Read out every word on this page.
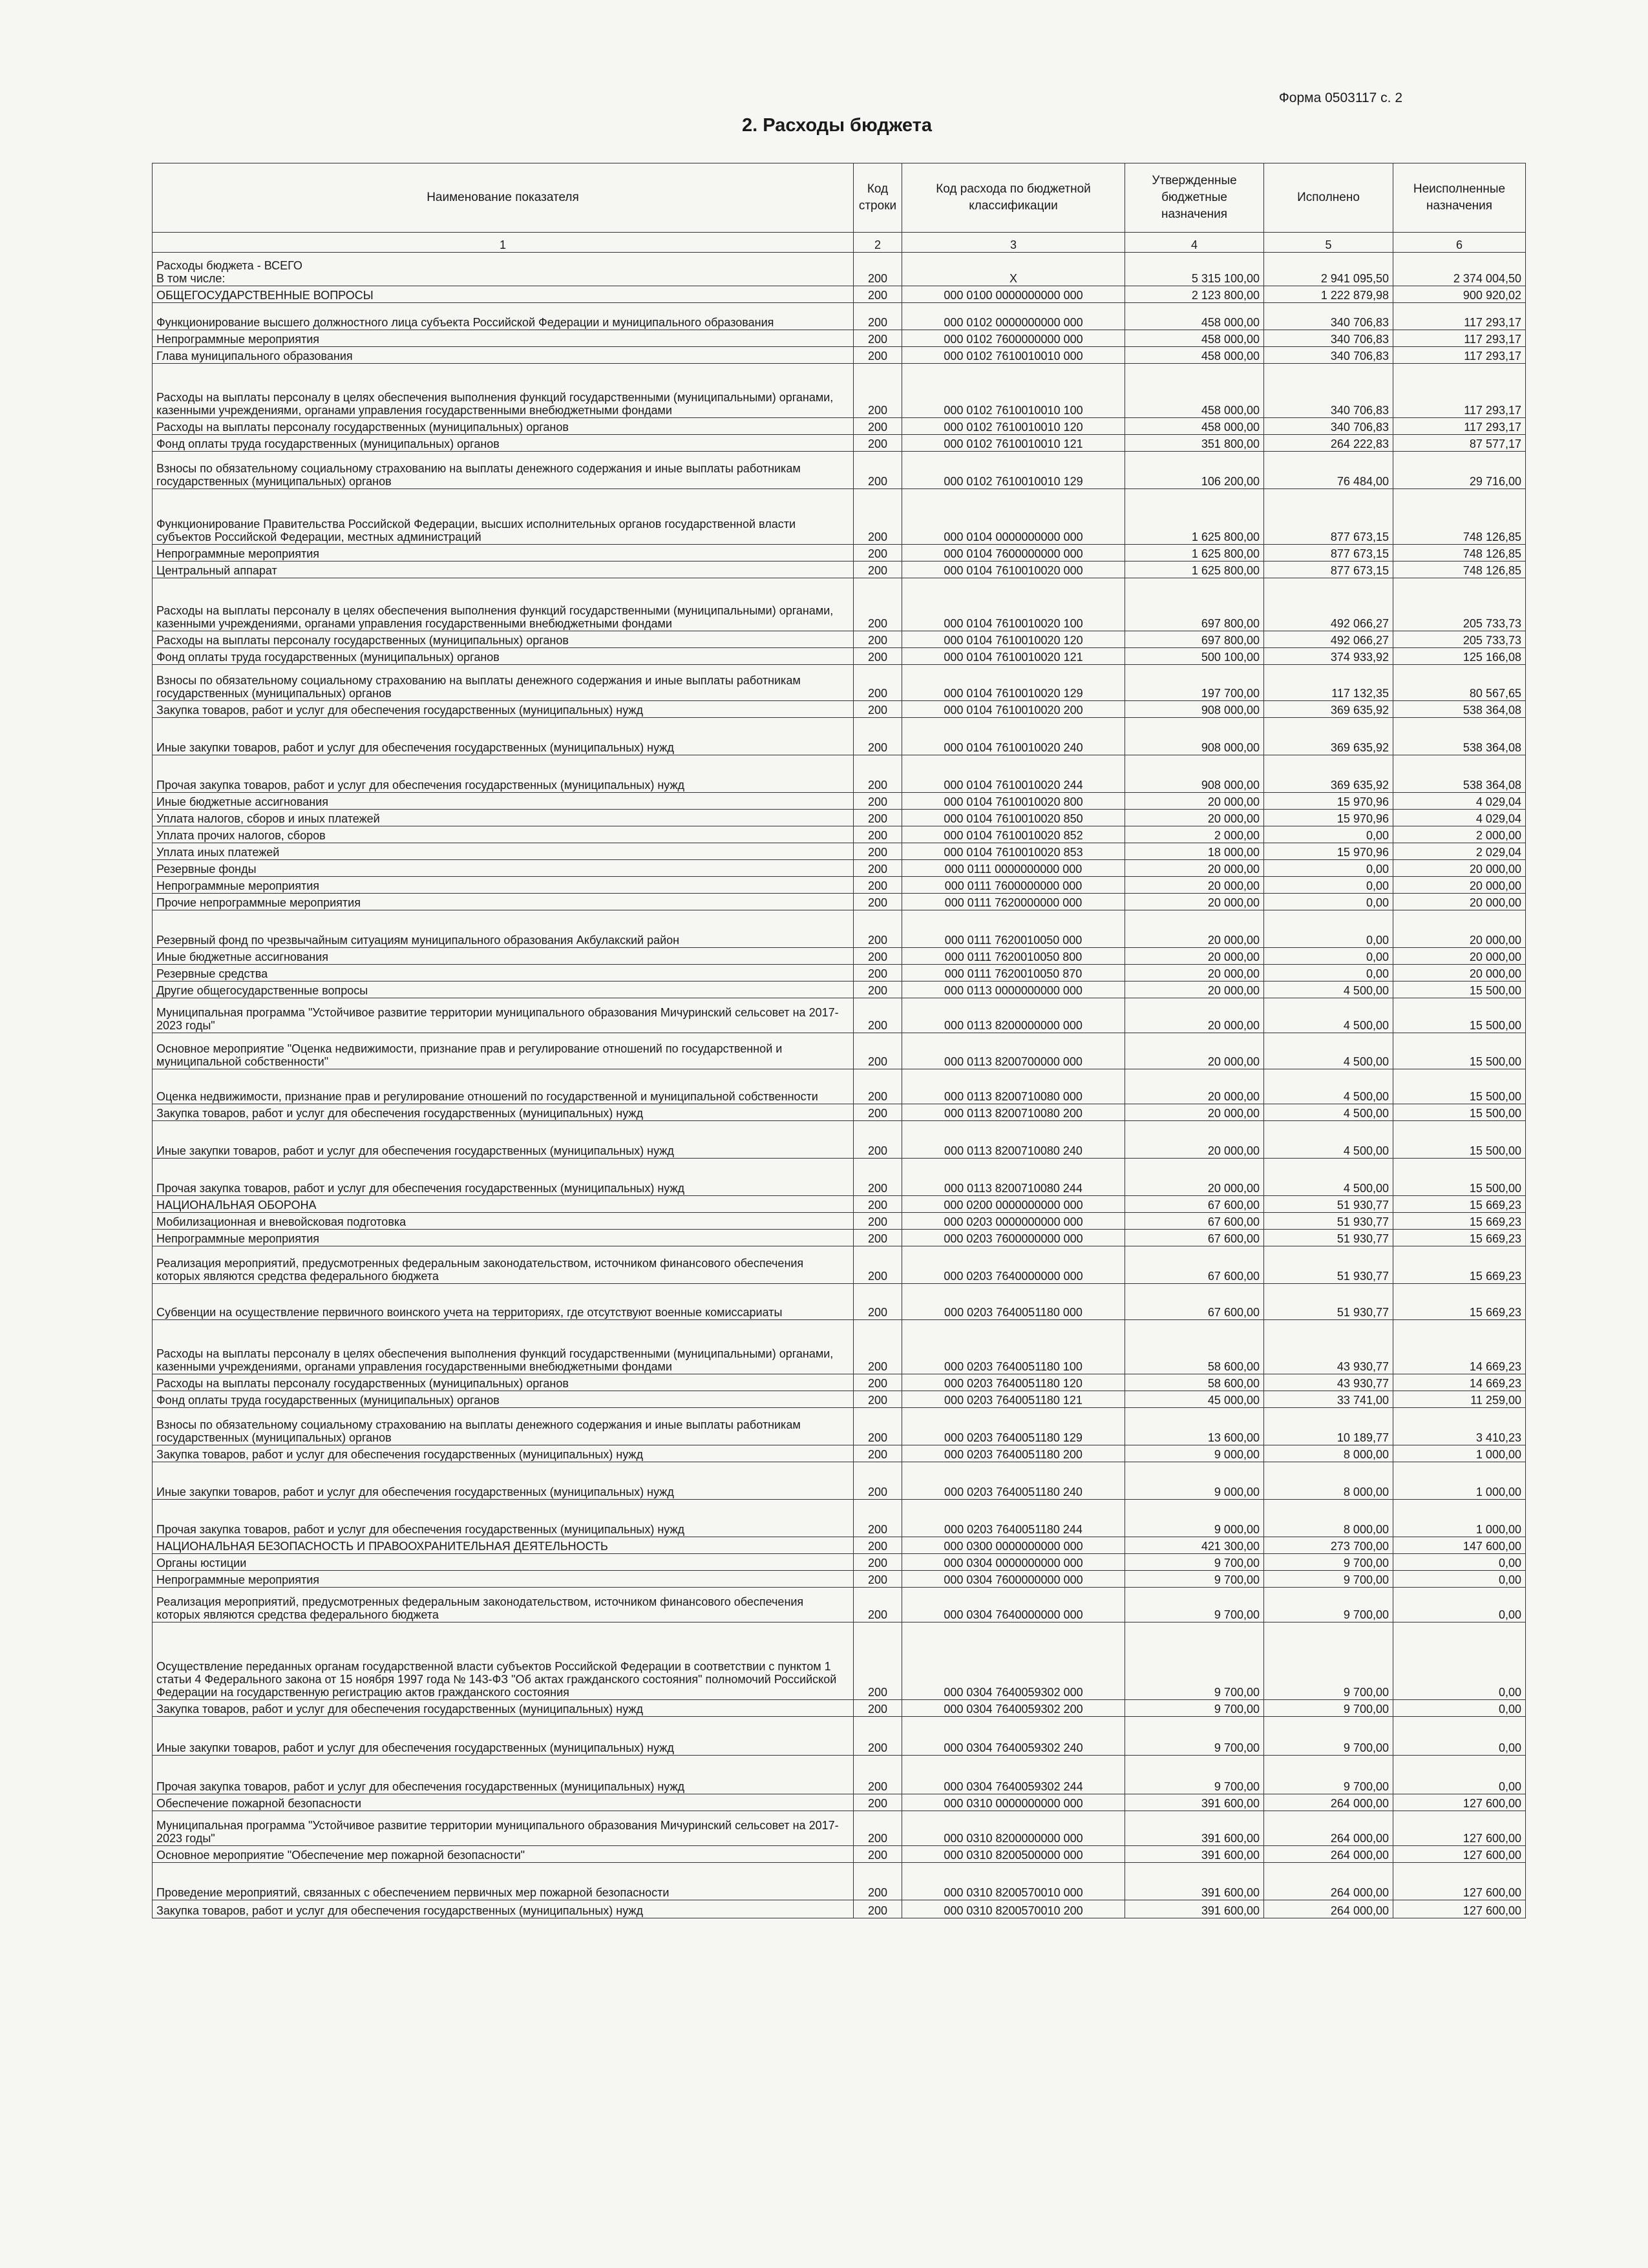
Форма 0503117 с. 2
2. Расходы бюджета
Наименование показателя	Код строки	Код расхода по бюджетной классификации	Утвержденные бюджетные назначения	Исполнено	Неисполненные назначения
1	2	3	4	5	6
Расходы бюджета - ВСЕГО
В том числе:	200	X	5 315 100,00	2 941 095,50	2 374 004,50
ОБЩЕГОСУДАРСТВЕННЫЕ ВОПРОСЫ	200	000 0100 0000000000 000	2 123 800,00	1 222 879,98	900 920,02
Функционирование высшего должностного лица субъекта Российской Федерации и муниципального образования	200	000 0102 0000000000 000	458 000,00	340 706,83	117 293,17
Непрограммные мероприятия	200	000 0102 7600000000 000	458 000,00	340 706,83	117 293,17
Глава муниципального образования	200	000 0102 7610010010 000	458 000,00	340 706,83	117 293,17
Расходы на выплаты персоналу в целях обеспечения выполнения функций государственными (муниципальными) органами, казенными учреждениями, органами управления государственными внебюджетными фондами	200	000 0102 7610010010 100	458 000,00	340 706,83	117 293,17
Расходы на выплаты персоналу государственных (муниципальных) органов	200	000 0102 7610010010 120	458 000,00	340 706,83	117 293,17
Фонд оплаты труда государственных (муниципальных) органов	200	000 0102 7610010010 121	351 800,00	264 222,83	87 577,17
Взносы по обязательному социальному страхованию на выплаты денежного содержания и иные выплаты работникам государственных (муниципальных) органов	200	000 0102 7610010010 129	106 200,00	76 484,00	29 716,00
Функционирование Правительства Российской Федерации, высших исполнительных органов государственной власти субъектов Российской Федерации, местных администраций	200	000 0104 0000000000 000	1 625 800,00	877 673,15	748 126,85
Непрограммные мероприятия	200	000 0104 7600000000 000	1 625 800,00	877 673,15	748 126,85
Центральный аппарат	200	000 0104 7610010020 000	1 625 800,00	877 673,15	748 126,85
Расходы на выплаты персоналу в целях обеспечения выполнения функций государственными (муниципальными) органами, казенными учреждениями, органами управления государственными внебюджетными фондами	200	000 0104 7610010020 100	697 800,00	492 066,27	205 733,73
Расходы на выплаты персоналу государственных (муниципальных) органов	200	000 0104 7610010020 120	697 800,00	492 066,27	205 733,73
Фонд оплаты труда государственных (муниципальных) органов	200	000 0104 7610010020 121	500 100,00	374 933,92	125 166,08
Взносы по обязательному социальному страхованию на выплаты денежного содержания и иные выплаты работникам государственных (муниципальных) органов	200	000 0104 7610010020 129	197 700,00	117 132,35	80 567,65
Закупка товаров, работ и услуг для обеспечения государственных (муниципальных) нужд	200	000 0104 7610010020 200	908 000,00	369 635,92	538 364,08
Иные закупки товаров, работ и услуг для обеспечения государственных (муниципальных) нужд	200	000 0104 7610010020 240	908 000,00	369 635,92	538 364,08
Прочая закупка товаров, работ и услуг для обеспечения государственных (муниципальных) нужд	200	000 0104 7610010020 244	908 000,00	369 635,92	538 364,08
Иные бюджетные ассигнования	200	000 0104 7610010020 800	20 000,00	15 970,96	4 029,04
Уплата налогов, сборов и иных платежей	200	000 0104 7610010020 850	20 000,00	15 970,96	4 029,04
Уплата прочих налогов, сборов	200	000 0104 7610010020 852	2 000,00	0,00	2 000,00
Уплата иных платежей	200	000 0104 7610010020 853	18 000,00	15 970,96	2 029,04
Резервные фонды	200	000 0111 0000000000 000	20 000,00	0,00	20 000,00
Непрограммные мероприятия	200	000 0111 7600000000 000	20 000,00	0,00	20 000,00
Прочие непрограммные мероприятия	200	000 0111 7620000000 000	20 000,00	0,00	20 000,00
Резервный фонд по чрезвычайным ситуациям муниципального образования Акбулакский район	200	000 0111 7620010050 000	20 000,00	0,00	20 000,00
Иные бюджетные ассигнования	200	000 0111 7620010050 800	20 000,00	0,00	20 000,00
Резервные средства	200	000 0111 7620010050 870	20 000,00	0,00	20 000,00
Другие общегосударственные вопросы	200	000 0113 0000000000 000	20 000,00	4 500,00	15 500,00
Муниципальная программа "Устойчивое развитие территории муниципального образования Мичуринский сельсовет на 2017-2023 годы"	200	000 0113 8200000000 000	20 000,00	4 500,00	15 500,00
Основное мероприятие "Оценка недвижимости, признание прав и регулирование отношений по государственной и муниципальной собственности"	200	000 0113 8200700000 000	20 000,00	4 500,00	15 500,00
Оценка недвижимости, признание прав и регулирование отношений по государственной и муниципальной собственности	200	000 0113 8200710080 000	20 000,00	4 500,00	15 500,00
Закупка товаров, работ и услуг для обеспечения государственных (муниципальных) нужд	200	000 0113 8200710080 200	20 000,00	4 500,00	15 500,00
Иные закупки товаров, работ и услуг для обеспечения государственных (муниципальных) нужд	200	000 0113 8200710080 240	20 000,00	4 500,00	15 500,00
Прочая закупка товаров, работ и услуг для обеспечения государственных (муниципальных) нужд	200	000 0113 8200710080 244	20 000,00	4 500,00	15 500,00
НАЦИОНАЛЬНАЯ ОБОРОНА	200	000 0200 0000000000 000	67 600,00	51 930,77	15 669,23
Мобилизационная и вневойсковая подготовка	200	000 0203 0000000000 000	67 600,00	51 930,77	15 669,23
Непрограммные мероприятия	200	000 0203 7600000000 000	67 600,00	51 930,77	15 669,23
Реализация мероприятий, предусмотренных федеральным законодательством, источником финансового обеспечения которых являются средства федерального бюджета	200	000 0203 7640000000 000	67 600,00	51 930,77	15 669,23
Субвенции на осуществление первичного воинского учета на территориях, где отсутствуют военные комиссариаты	200	000 0203 7640051180 000	67 600,00	51 930,77	15 669,23
Расходы на выплаты персоналу в целях обеспечения выполнения функций государственными (муниципальными) органами, казенными учреждениями, органами управления государственными внебюджетными фондами	200	000 0203 7640051180 100	58 600,00	43 930,77	14 669,23
Расходы на выплаты персоналу государственных (муниципальных) органов	200	000 0203 7640051180 120	58 600,00	43 930,77	14 669,23
Фонд оплаты труда государственных (муниципальных) органов	200	000 0203 7640051180 121	45 000,00	33 741,00	11 259,00
Взносы по обязательному социальному страхованию на выплаты денежного содержания и иные выплаты работникам государственных (муниципальных) органов	200	000 0203 7640051180 129	13 600,00	10 189,77	3 410,23
Закупка товаров, работ и услуг для обеспечения государственных (муниципальных) нужд	200	000 0203 7640051180 200	9 000,00	8 000,00	1 000,00
Иные закупки товаров, работ и услуг для обеспечения государственных (муниципальных) нужд	200	000 0203 7640051180 240	9 000,00	8 000,00	1 000,00
Прочая закупка товаров, работ и услуг для обеспечения государственных (муниципальных) нужд	200	000 0203 7640051180 244	9 000,00	8 000,00	1 000,00
НАЦИОНАЛЬНАЯ БЕЗОПАСНОСТЬ И ПРАВООХРАНИТЕЛЬНАЯ ДЕЯТЕЛЬНОСТЬ	200	000 0300 0000000000 000	421 300,00	273 700,00	147 600,00
Органы юстиции	200	000 0304 0000000000 000	9 700,00	9 700,00	0,00
Непрограммные мероприятия	200	000 0304 7600000000 000	9 700,00	9 700,00	0,00
Реализация мероприятий, предусмотренных федеральным законодательством, источником финансового обеспечения которых являются средства федерального бюджета	200	000 0304 7640000000 000	9 700,00	9 700,00	0,00
Осуществление переданных органам государственной власти субъектов Российской Федерации в соответствии с пунктом 1 статьи 4 Федерального закона от 15 ноября 1997 года № 143-ФЗ "Об актах гражданского состояния" полномочий Российской Федерации на государственную регистрацию актов гражданского состояния	200	000 0304 7640059302 000	9 700,00	9 700,00	0,00
Закупка товаров, работ и услуг для обеспечения государственных (муниципальных) нужд	200	000 0304 7640059302 200	9 700,00	9 700,00	0,00
Иные закупки товаров, работ и услуг для обеспечения государственных (муниципальных) нужд	200	000 0304 7640059302 240	9 700,00	9 700,00	0,00
Прочая закупка товаров, работ и услуг для обеспечения государственных (муниципальных) нужд	200	000 0304 7640059302 244	9 700,00	9 700,00	0,00
Обеспечение пожарной безопасности	200	000 0310 0000000000 000	391 600,00	264 000,00	127 600,00
Муниципальная программа "Устойчивое развитие территории муниципального образования Мичуринский сельсовет на 2017-2023 годы"	200	000 0310 8200000000 000	391 600,00	264 000,00	127 600,00
Основное мероприятие "Обеспечение мер пожарной безопасности"	200	000 0310 8200500000 000	391 600,00	264 000,00	127 600,00
Проведение мероприятий, связанных с обеспечением первичных мер пожарной безопасности	200	000 0310 8200570010 000	391 600,00	264 000,00	127 600,00
Закупка товаров, работ и услуг для обеспечения государственных (муниципальных) нужд	200	000 0310 8200570010 200	391 600,00	264 000,00	127 600,00
